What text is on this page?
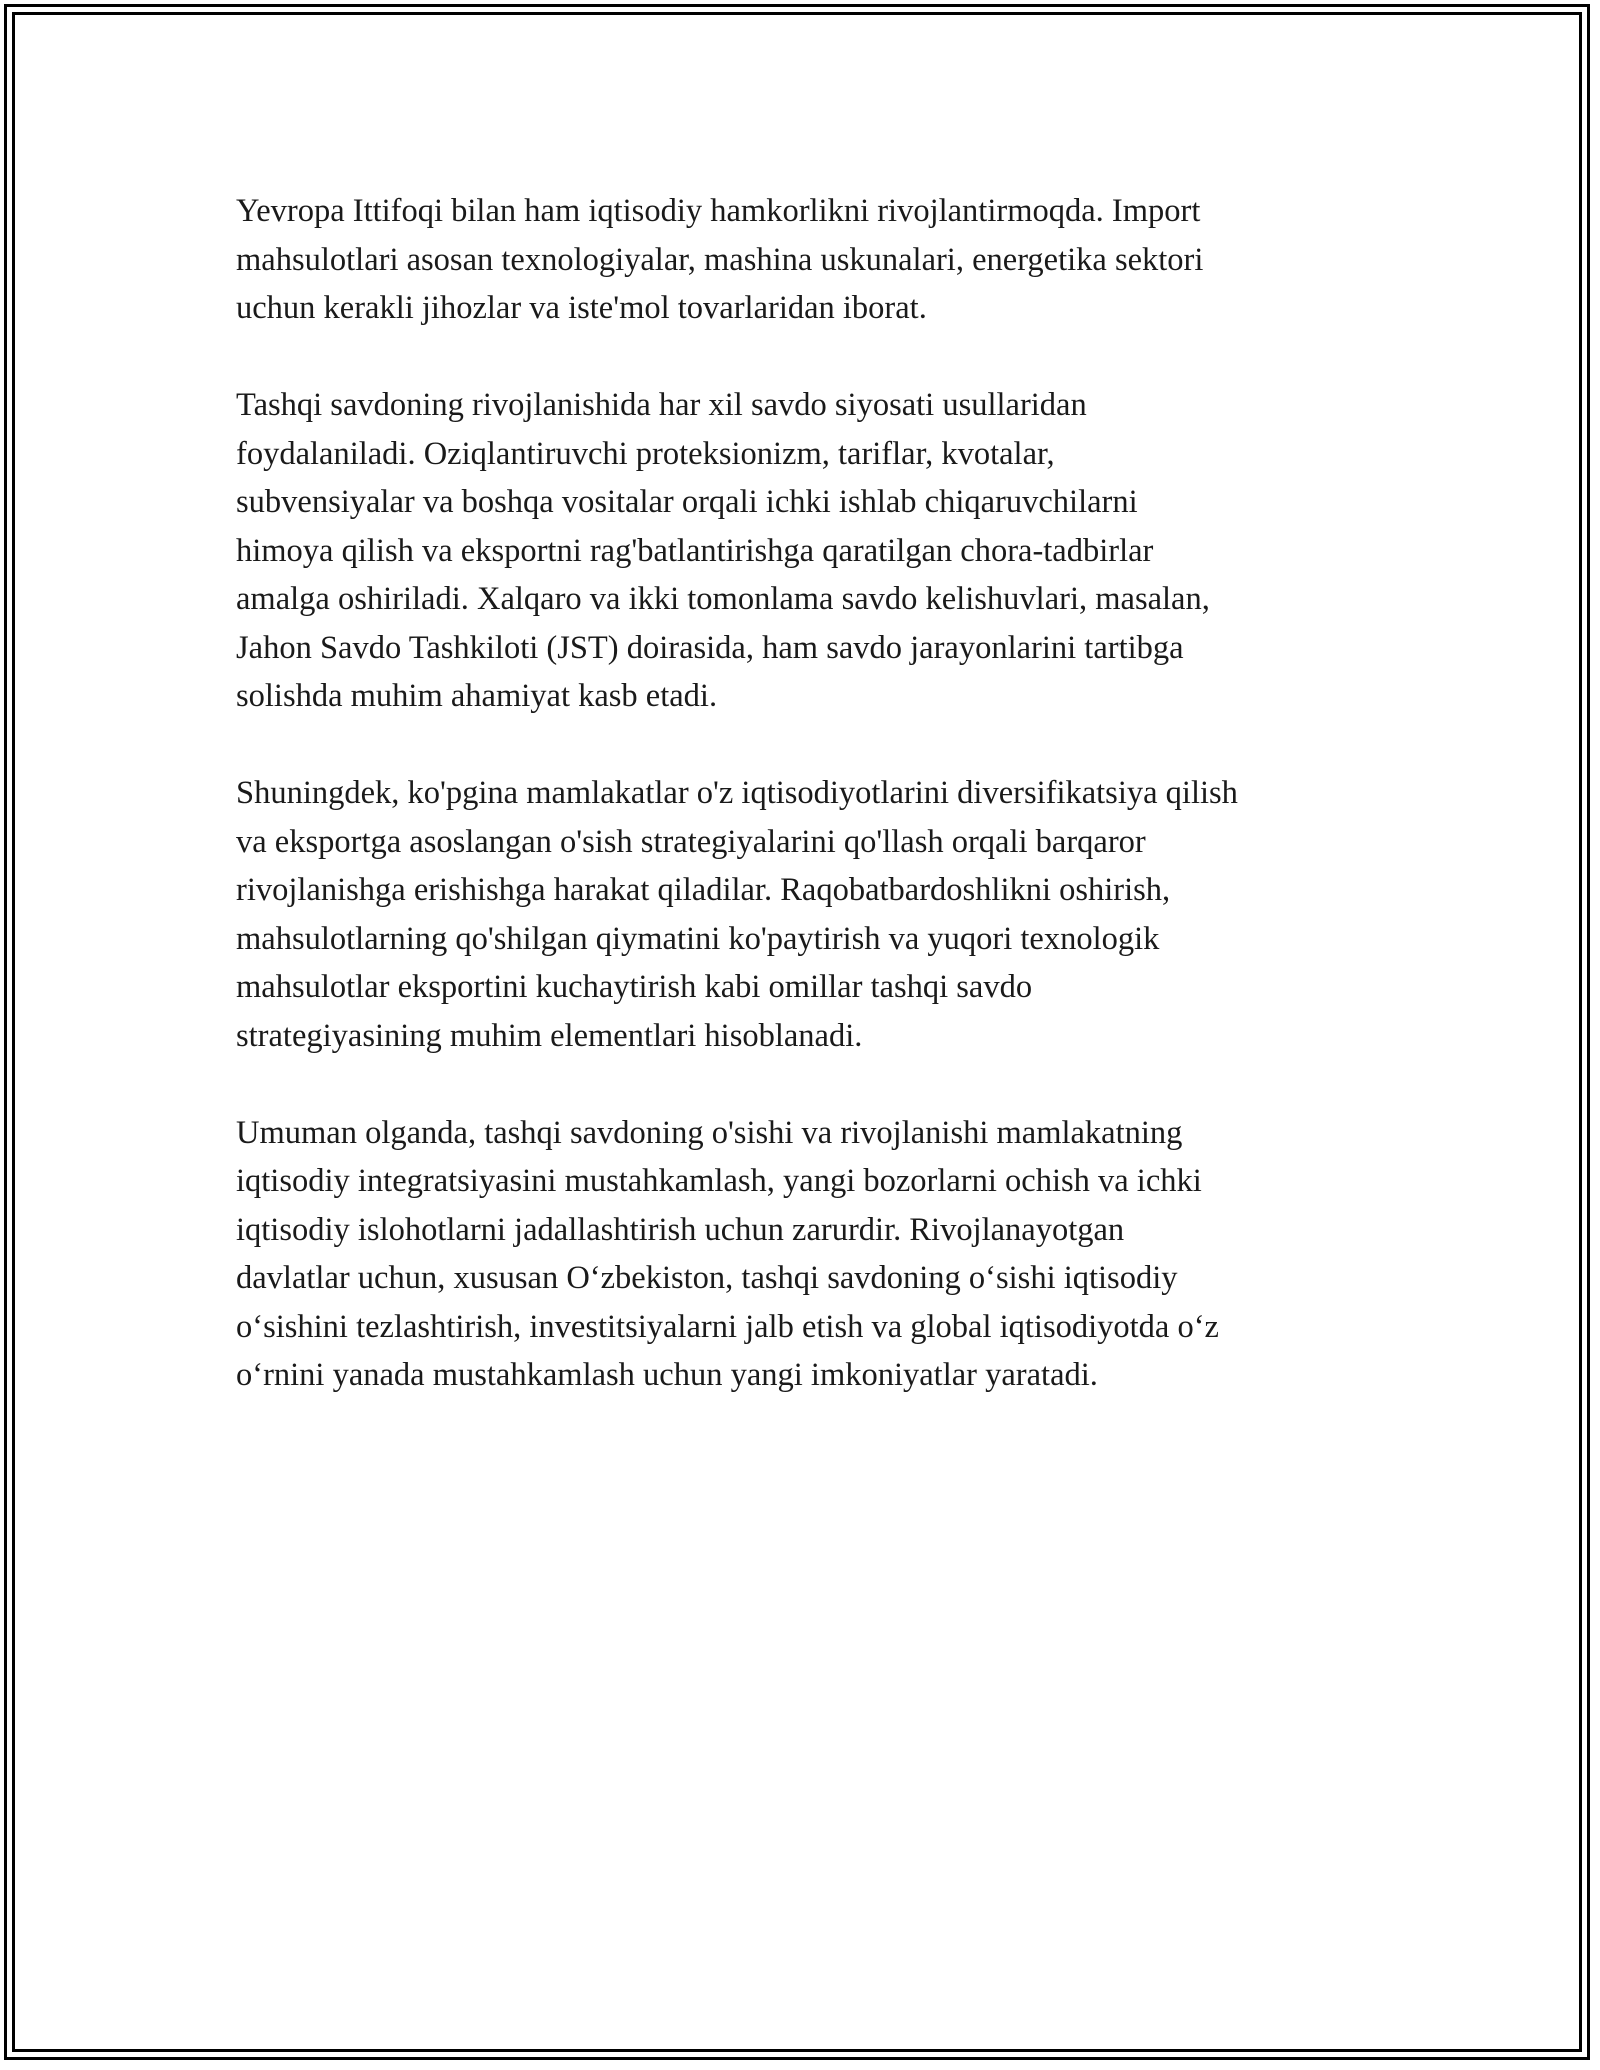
Yevropa Ittifoqi bilan ham iqtisodiy hamkorlikni rivojlantirmoqda. Import
mahsulotlari asosan texnologiyalar, mashina uskunalari, energetika sektori
uchun kerakli jihozlar va iste'mol tovarlaridan iborat.

Tashqi savdoning rivojlanishida har xil savdo siyosati usullaridan
foydalaniladi. Oziqlantiruvchi proteksionizm, tariflar, kvotalar,
subvensiyalar va boshqa vositalar orqali ichki ishlab chiqaruvchilarni
himoya qilish va eksportni rag'batlantirishga qaratilgan chora-tadbirlar
amalga oshiriladi. Xalqaro va ikki tomonlama savdo kelishuvlari, masalan,
Jahon Savdo Tashkiloti (JST) doirasida, ham savdo jarayonlarini tartibga
solishda muhim ahamiyat kasb etadi.

Shuningdek, ko'pgina mamlakatlar o'z iqtisodiyotlarini diversifikatsiya qilish
va eksportga asoslangan o'sish strategiyalarini qo'llash orqali barqaror
rivojlanishga erishishga harakat qiladilar. Raqobatbardoshlikni oshirish,
mahsulotlarning qo'shilgan qiymatini ko'paytirish va yuqori texnologik
mahsulotlar eksportini kuchaytirish kabi omillar tashqi savdo
strategiyasining muhim elementlari hisoblanadi.

Umuman olganda, tashqi savdoning o'sishi va rivojlanishi mamlakatning
iqtisodiy integratsiyasini mustahkamlash, yangi bozorlarni ochish va ichki
iqtisodiy islohotlarni jadallashtirish uchun zarurdir. Rivojlanayotgan
davlatlar uchun, xususan O‘zbekiston, tashqi savdoning o‘sishi iqtisodiy
o‘sishini tezlashtirish, investitsiyalarni jalb etish va global iqtisodiyotda o‘z
o‘rnini yanada mustahkamlash uchun yangi imkoniyatlar yaratadi.
